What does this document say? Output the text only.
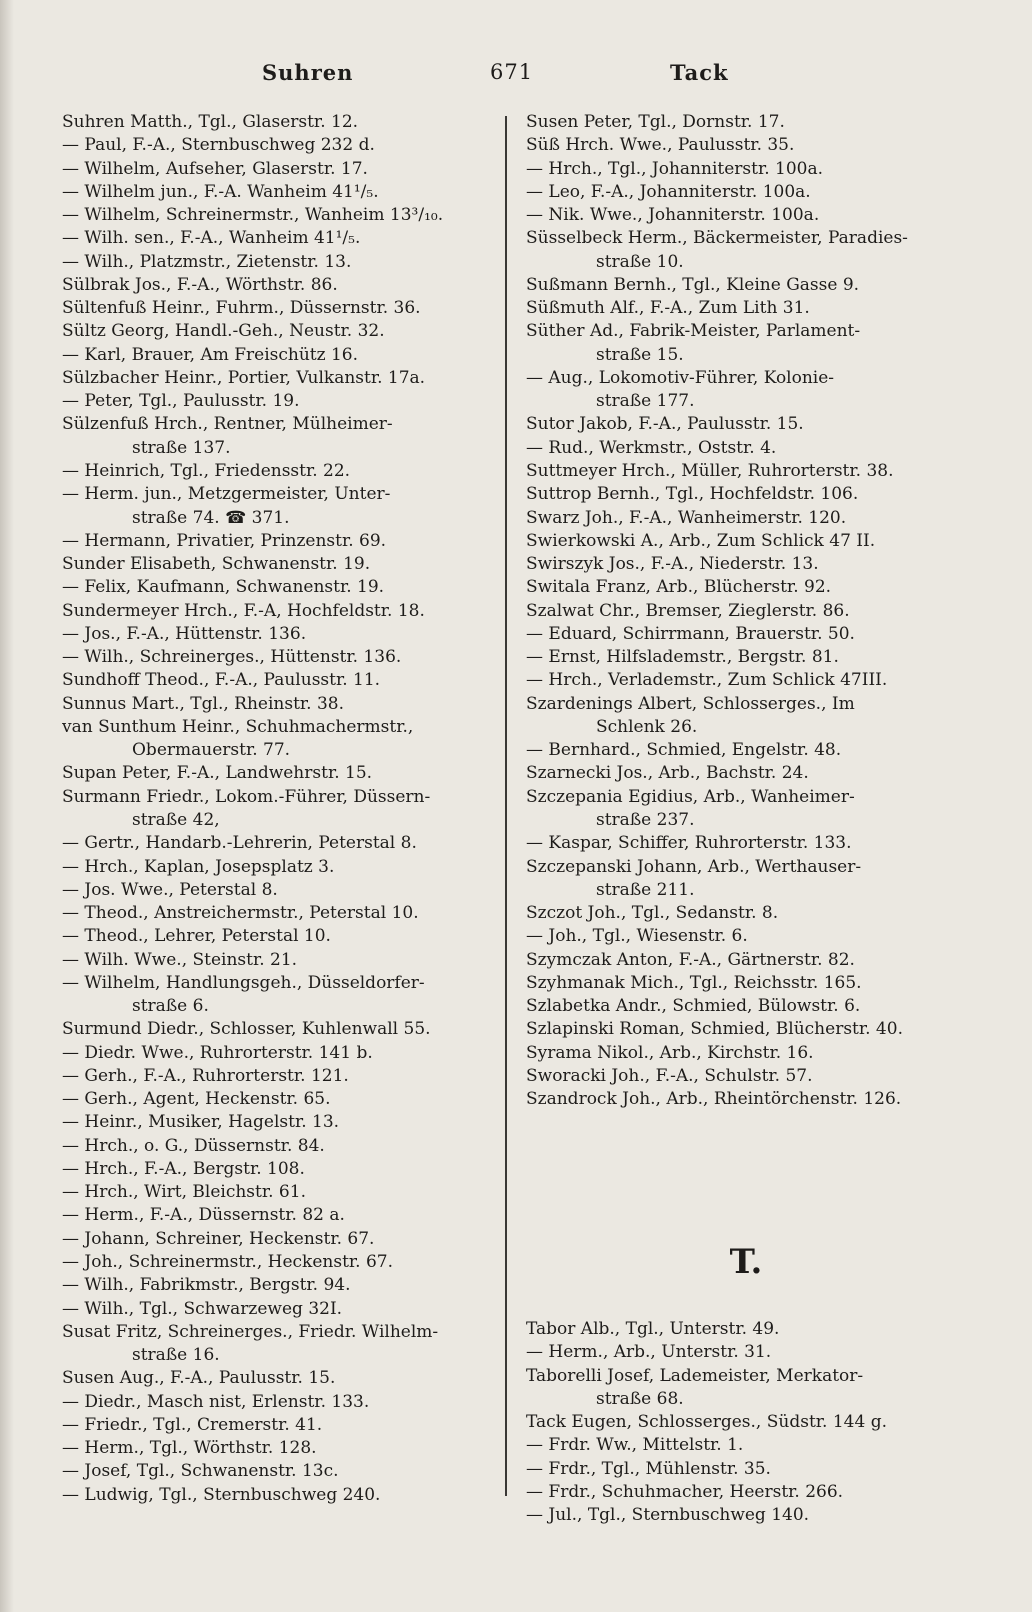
Suhren	671	Tack
Suhren Matth., Tgl., Glaserstr. 12.
— Paul, F.-A., Sternbuschweg 232 d.
— Wilhelm, Aufseher, Glaserstr. 17.
— Wilhelm jun., F.-A. Wanheim 41¹/₅.
— Wilhelm, Schreinermstr., Wanheim 13³/₁₀.
— Wilh. sen., F.-A., Wanheim 41¹/₅.
— Wilh., Platzmstr., Zietenstr. 13.
Sülbrak Jos., F.-A., Wörthstr. 86.
Sültenfuß Heinr., Fuhrm., Düssernstr. 36.
Sültz Georg, Handl.-Geh., Neustr. 32.
— Karl, Brauer, Am Freischütz 16.
Sülzbacher Heinr., Portier, Vulkanstr. 17a.
— Peter, Tgl., Paulusstr. 19.
Sülzenfuß Hrch., Rentner, Mülheimer-
straße 137.
— Heinrich, Tgl., Friedensstr. 22.
— Herm. jun., Metzgermeister, Unter-
straße 74. ☎ 371.
— Hermann, Privatier, Prinzenstr. 69.
Sunder Elisabeth, Schwanenstr. 19.
— Felix, Kaufmann, Schwanenstr. 19.
Sundermeyer Hrch., F.-A, Hochfeldstr. 18.
— Jos., F.-A., Hüttenstr. 136.
— Wilh., Schreinerges., Hüttenstr. 136.
Sundhoff Theod., F.-A., Paulusstr. 11.
Sunnus Mart., Tgl., Rheinstr. 38.
van Sunthum Heinr., Schuhmachermstr.,
Obermauerstr. 77.
Supan Peter, F.-A., Landwehrstr. 15.
Surmann Friedr., Lokom.-Führer, Düssern-
straße 42,
— Gertr., Handarb.-Lehrerin, Peterstal 8.
— Hrch., Kaplan, Josepsplatz 3.
— Jos. Wwe., Peterstal 8.
— Theod., Anstreichermstr., Peterstal 10.
— Theod., Lehrer, Peterstal 10.
— Wilh. Wwe., Steinstr. 21.
— Wilhelm, Handlungsgeh., Düsseldorfer-
straße 6.
Surmund Diedr., Schlosser, Kuhlenwall 55.
— Diedr. Wwe., Ruhrorterstr. 141 b.
— Gerh., F.-A., Ruhrorterstr. 121.
— Gerh., Agent, Heckenstr. 65.
— Heinr., Musiker, Hagelstr. 13.
— Hrch., o. G., Düssernstr. 84.
— Hrch., F.-A., Bergstr. 108.
— Hrch., Wirt, Bleichstr. 61.
— Herm., F.-A., Düssernstr. 82 a.
— Johann, Schreiner, Heckenstr. 67.
— Joh., Schreinermstr., Heckenstr. 67.
— Wilh., Fabrikmstr., Bergstr. 94.
— Wilh., Tgl., Schwarzeweg 32I.
Susat Fritz, Schreinerges., Friedr. Wilhelm-
straße 16.
Susen Aug., F.-A., Paulusstr. 15.
— Diedr., Masch nist, Erlenstr. 133.
— Friedr., Tgl., Cremerstr. 41.
— Herm., Tgl., Wörthstr. 128.
— Josef, Tgl., Schwanenstr. 13c.
— Ludwig, Tgl., Sternbuschweg 240.
Susen Peter, Tgl., Dornstr. 17.
Süß Hrch. Wwe., Paulusstr. 35.
— Hrch., Tgl., Johanniterstr. 100a.
— Leo, F.-A., Johanniterstr. 100a.
— Nik. Wwe., Johanniterstr. 100a.
Süsselbeck Herm., Bäckermeister, Paradies-
straße 10.
Sußmann Bernh., Tgl., Kleine Gasse 9.
Süßmuth Alf., F.-A., Zum Lith 31.
Süther Ad., Fabrik-Meister, Parlament-
straße 15.
— Aug., Lokomotiv-Führer, Kolonie-
straße 177.
Sutor Jakob, F.-A., Paulusstr. 15.
— Rud., Werkmstr., Oststr. 4.
Suttmeyer Hrch., Müller, Ruhrorterstr. 38.
Suttrop Bernh., Tgl., Hochfeldstr. 106.
Swarz Joh., F.-A., Wanheimerstr. 120.
Swierkowski A., Arb., Zum Schlick 47 II.
Swirszyk Jos., F.-A., Niederstr. 13.
Switala Franz, Arb., Blücherstr. 92.
Szalwat Chr., Bremser, Zieglerstr. 86.
— Eduard, Schirrmann, Brauerstr. 50.
— Ernst, Hilfslademstr., Bergstr. 81.
— Hrch., Verlademstr., Zum Schlick 47III.
Szardenings Albert, Schlosserges., Im
Schlenk 26.
— Bernhard., Schmied, Engelstr. 48.
Szarnecki Jos., Arb., Bachstr. 24.
Szczepania Egidius, Arb., Wanheimer-
straße 237.
— Kaspar, Schiffer, Ruhrorterstr. 133.
Szczepanski Johann, Arb., Werthauser-
straße 211.
Szczot Joh., Tgl., Sedanstr. 8.
— Joh., Tgl., Wiesenstr. 6.
Szymczak Anton, F.-A., Gärtnerstr. 82.
Szyhmanak Mich., Tgl., Reichsstr. 165.
Szlabetka Andr., Schmied, Bülowstr. 6.
Szlapinski Roman, Schmied, Blücherstr. 40.
Syrama Nikol., Arb., Kirchstr. 16.
Sworacki Joh., F.-A., Schulstr. 57.
Szandrock Joh., Arb., Rheintörchenstr. 126.
T.
Tabor Alb., Tgl., Unterstr. 49.
— Herm., Arb., Unterstr. 31.
Taborelli Josef, Lademeister, Merkator-
straße 68.
Tack Eugen, Schlosserges., Südstr. 144 g.
— Frdr. Ww., Mittelstr. 1.
— Frdr., Tgl., Mühlenstr. 35.
— Frdr., Schuhmacher, Heerstr. 266.
— Jul., Tgl., Sternbuschweg 140.
